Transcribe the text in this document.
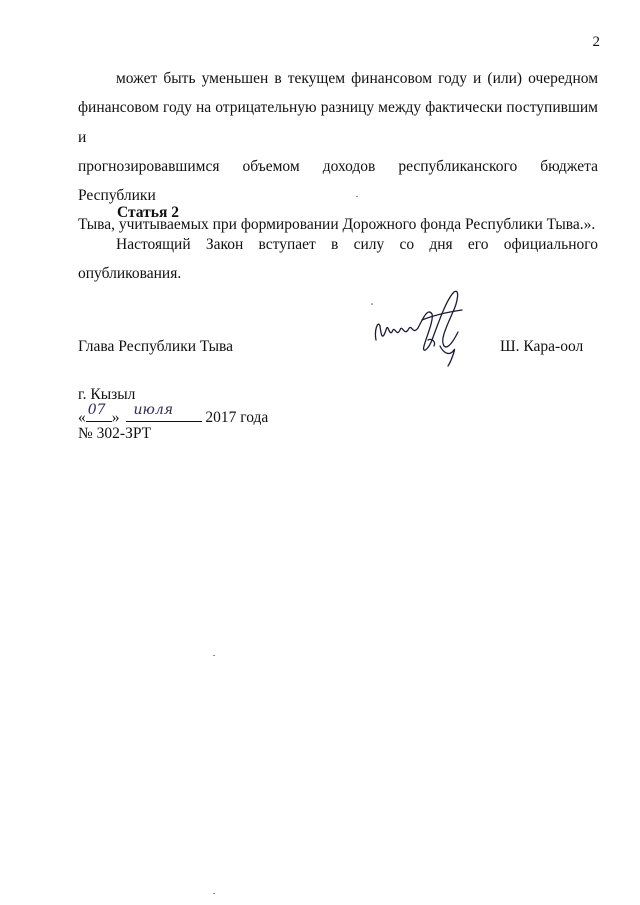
2
может быть уменьшен в текущем финансовом году и (или) очередном
финансовом году на отрицательную разницу между фактически поступившим и
прогнозировавшимся объемом доходов республиканского бюджета Республики
Тыва, учитываемых при формировании Дорожного фонда Республики Тыва.».
Статья 2
Настоящий Закон вступает в силу со дня его официального
опубликования.
Глава Республики Тыва	Ш. Кара-оол
г. Кызыл
« 07 » июля 2017 года
№ 302-ЗРТ
